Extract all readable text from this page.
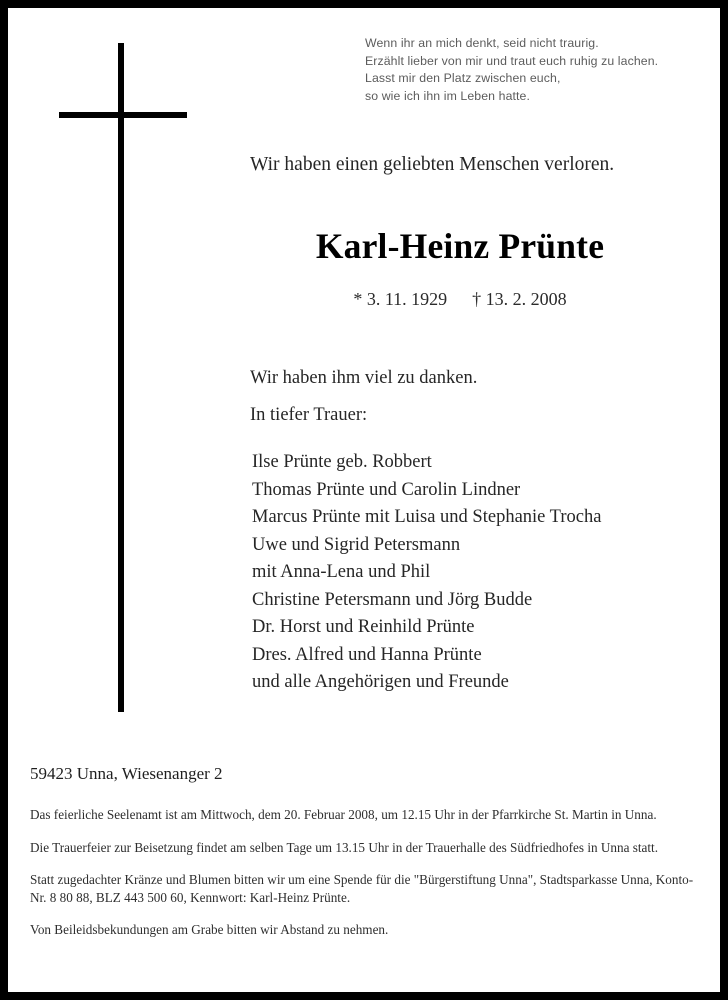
Wenn ihr an mich denkt, seid nicht traurig.
Erzählt lieber von mir und traut euch ruhig zu lachen.
Lasst mir den Platz zwischen euch,
so wie ich ihn im Leben hatte.
Wir haben einen geliebten Menschen verloren.
Karl-Heinz Prünte
* 3. 11. 1929 † 13. 2. 2008
Wir haben ihm viel zu danken.
In tiefer Trauer:
Ilse Prünte geb. Robbert
Thomas Prünte und Carolin Lindner
Marcus Prünte mit Luisa und Stephanie Trocha
Uwe und Sigrid Petersmann
mit Anna-Lena und Phil
Christine Petersmann und Jörg Budde
Dr. Horst und Reinhild Prünte
Dres. Alfred und Hanna Prünte
und alle Angehörigen und Freunde
59423 Unna, Wiesenanger 2

Das feierliche Seelenamt ist am Mittwoch, dem 20. Februar 2008, um 12.15 Uhr in der Pfarrkirche St. Martin in Unna.

Die Trauerfeier zur Beisetzung findet am selben Tage um 13.15 Uhr in der Trauerhalle des Südfriedhofes in Unna statt.

Statt zugedachter Kränze und Blumen bitten wir um eine Spende für die "Bürgerstiftung Unna", Stadtsparkasse Unna, Konto-Nr. 8 80 88, BLZ 443 500 60, Kennwort: Karl-Heinz Prünte.

Von Beileidsbekundungen am Grabe bitten wir Abstand zu nehmen.
